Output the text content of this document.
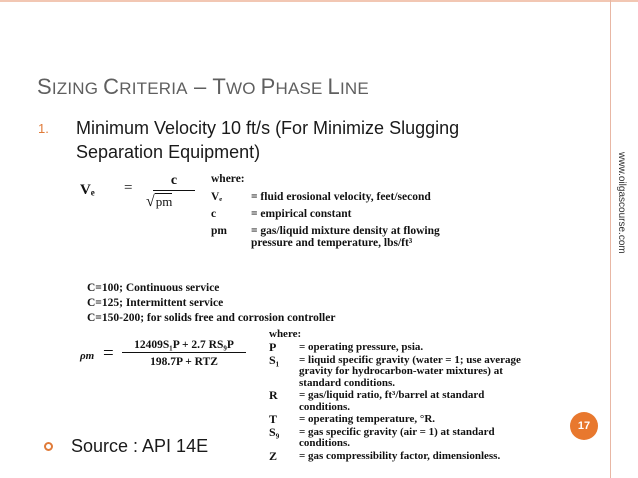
SIZING CRITERIA – TWO PHASE LINE
1. Minimum Velocity 10 ft/s (For Minimize Slugging Separation Equipment)	www.oilgascourse.com
Vₑ =	c
√pm
where:
Vₑ	= fluid erosional velocity, feet/second
c	= empirical constant
pm	= gas/liquid mixture density at flowing pressure and temperature, lbs/ft³
C=100; Continuous service
C=125; Intermittent service
C=150-200; for solids free and corrosion controller
ρm =	12409S₁P + 2.7 RS₉P
198.7P + RTZ
where:
P	= operating pressure, psia.
S₁	= liquid specific gravity (water = 1; use average gravity for hydrocarbon-water mixtures) at standard conditions.
R	= gas/liquid ratio, ft³/barrel at standard conditions.
T	= operating temperature, °R.
S₉	= gas specific gravity (air = 1) at standard conditions.
Z	= gas compressibility factor, dimensionless.
17
Source : API 14E
